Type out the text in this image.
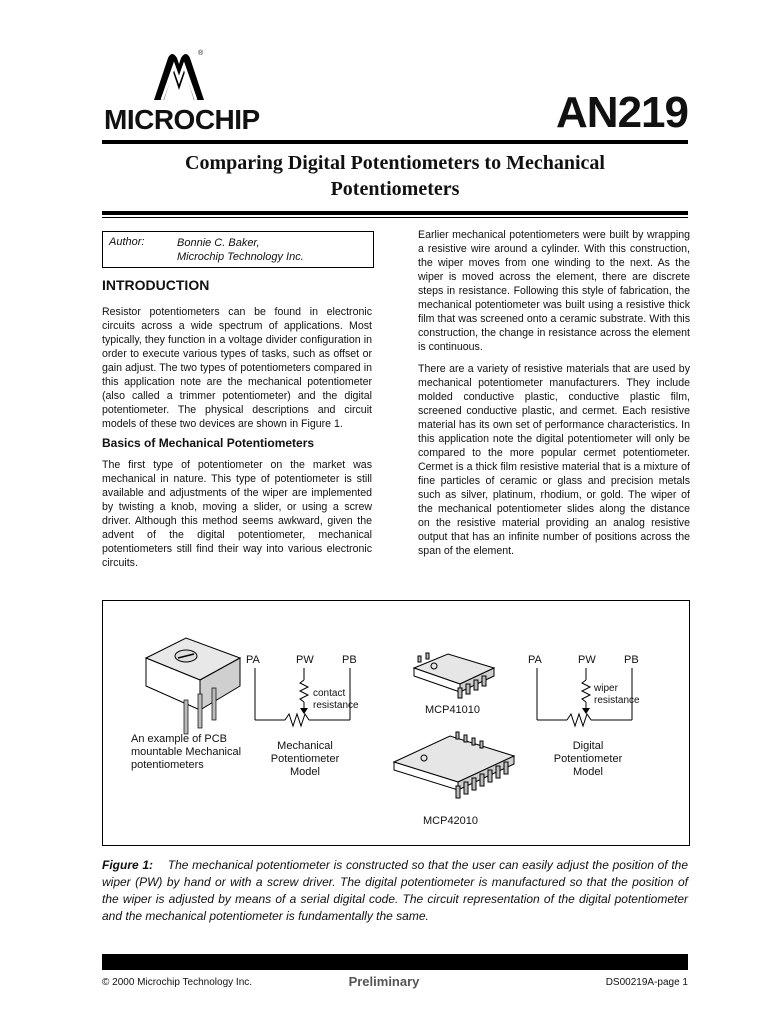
®
MICROCHIP	AN219
Comparing Digital Potentiometers to Mechanical
Potentiometers
Author:	Bonnie C. Baker,
Microchip Technology Inc.
INTRODUCTION
Resistor potentiometers can be found in electronic circuits across a wide spectrum of applications. Most typically, they function in a voltage divider configuration in order to execute various types of tasks, such as offset or gain adjust. The two types of potentiometers compared in this application note are the mechanical potentiometer (also called a trimmer potentiometer) and the digital potentiometer. The physical descriptions and circuit models of these two devices are shown in Figure 1.
Basics of Mechanical Potentiometers
The first type of potentiometer on the market was mechanical in nature. This type of potentiometer is still available and adjustments of the wiper are implemented by twisting a knob, moving a slider, or using a screw driver. Although this method seems awkward, given the advent of the digital potentiometer, mechanical potentiometers still find their way into various electronic circuits.
Earlier mechanical potentiometers were built by wrapping a resistive wire around a cylinder. With this construction, the wiper moves from one winding to the next. As the wiper is moved across the element, there are discrete steps in resistance. Following this style of fabrication, the mechanical potentiometer was built using a resistive thick film that was screened onto a ceramic substrate. With this construction, the change in resistance across the element is continuous.
There are a variety of resistive materials that are used by mechanical potentiometer manufacturers. They include molded conductive plastic, conductive plastic film, screened conductive plastic, and cermet. Each resistive material has its own set of performance characteristics. In this application note the digital potentiometer will only be compared to the more popular cermet potentiometer. Cermet is a thick film resistive material that is a mixture of fine particles of ceramic or glass and precision metals such as silver, platinum, rhodium, or gold. The wiper of the mechanical potentiometer slides along the distance on the resistive material providing an analog resistive output that has an infinite number of positions across the span of the element.
An example of PCB
mountable Mechanical
potentiometers
PA	PW	PB
contact
resistance
Mechanical
Potentiometer
Model
MCP41010
MCP42010
PA	PW	PB
wiper
resistance
Digital
Potentiometer
Model
Figure 1: The mechanical potentiometer is constructed so that the user can easily adjust the position of the wiper (PW) by hand or with a screw driver. The digital potentiometer is manufactured so that the position of the wiper is adjusted by means of a serial digital code. The circuit representation of the digital potentiometer and the mechanical potentiometer is fundamentally the same.
© 2000 Microchip Technology Inc.	Preliminary	DS00219A-page 1
